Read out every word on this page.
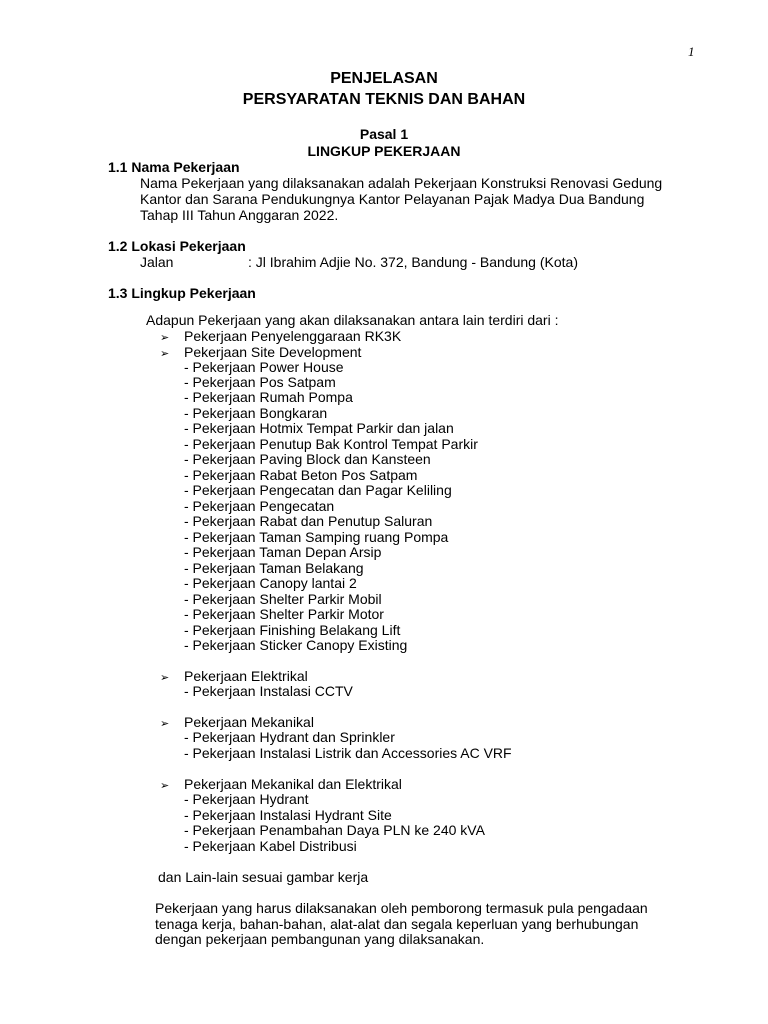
1
PENJELASAN
PERSYARATAN TEKNIS DAN BAHAN
Pasal 1
LINGKUP PEKERJAAN
1.1 Nama Pekerjaan
Nama Pekerjaan yang dilaksanakan adalah Pekerjaan Konstruksi Renovasi Gedung
Kantor dan Sarana Pendukungnya Kantor Pelayanan Pajak Madya Dua Bandung
Tahap III Tahun Anggaran 2022.
1.2 Lokasi Pekerjaan
Jalan	: Jl Ibrahim Adjie No. 372, Bandung - Bandung (Kota)
1.3 Lingkup Pekerjaan
Adapun Pekerjaan yang akan dilaksanakan antara lain terdiri dari :
➢ Pekerjaan Penyelenggaraan RK3K
➢ Pekerjaan Site Development
- Pekerjaan Power House
- Pekerjaan Pos Satpam
- Pekerjaan Rumah Pompa
- Pekerjaan Bongkaran
- Pekerjaan Hotmix Tempat Parkir dan jalan
- Pekerjaan Penutup Bak Kontrol Tempat Parkir
- Pekerjaan Paving Block dan Kansteen
- Pekerjaan Rabat Beton Pos Satpam
- Pekerjaan Pengecatan dan Pagar Keliling
- Pekerjaan Pengecatan
- Pekerjaan Rabat dan Penutup Saluran
- Pekerjaan Taman Samping ruang Pompa
- Pekerjaan Taman Depan Arsip
- Pekerjaan Taman Belakang
- Pekerjaan Canopy lantai 2
- Pekerjaan Shelter Parkir Mobil
- Pekerjaan Shelter Parkir Motor
- Pekerjaan Finishing Belakang Lift
- Pekerjaan Sticker Canopy Existing
➢ Pekerjaan Elektrikal
- Pekerjaan Instalasi CCTV
➢ Pekerjaan Mekanikal
- Pekerjaan Hydrant dan Sprinkler
- Pekerjaan Instalasi Listrik dan Accessories AC VRF
➢ Pekerjaan Mekanikal dan Elektrikal
- Pekerjaan Hydrant
- Pekerjaan Instalasi Hydrant Site
- Pekerjaan Penambahan Daya PLN ke 240 kVA
- Pekerjaan Kabel Distribusi
dan Lain-lain sesuai gambar kerja
Pekerjaan yang harus dilaksanakan oleh pemborong termasuk pula pengadaan
tenaga kerja, bahan-bahan, alat-alat dan segala keperluan yang berhubungan
dengan pekerjaan pembangunan yang dilaksanakan.
